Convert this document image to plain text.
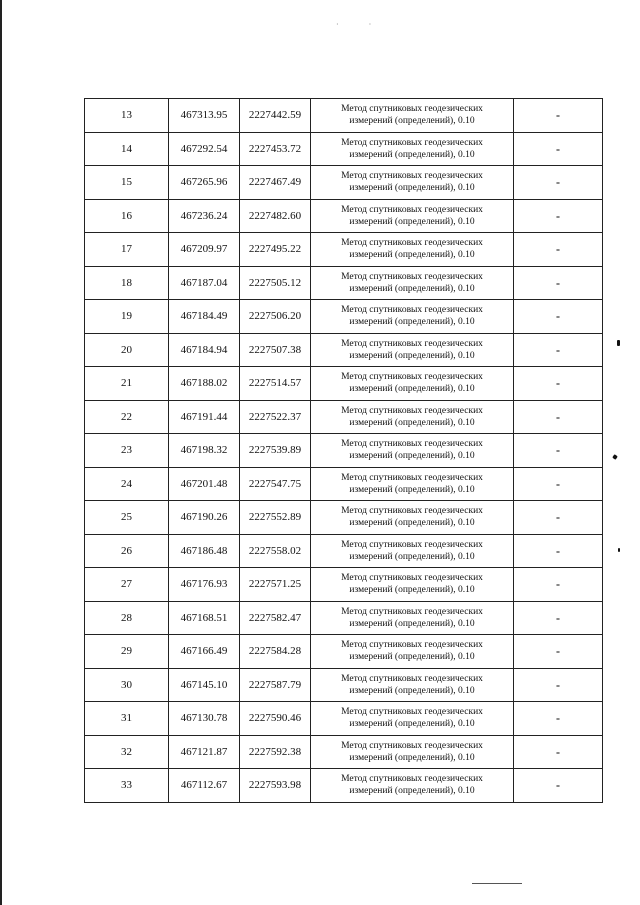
· ·
13	467313.95	2227442.59	Метод спутниковых геодезических
измерений (определений), 0.10	-
14	467292.54	2227453.72	Метод спутниковых геодезических
измерений (определений), 0.10	-
15	467265.96	2227467.49	Метод спутниковых геодезических
измерений (определений), 0.10	-
16	467236.24	2227482.60	Метод спутниковых геодезических
измерений (определений), 0.10	-
17	467209.97	2227495.22	Метод спутниковых геодезических
измерений (определений), 0.10	-
18	467187.04	2227505.12	Метод спутниковых геодезических
измерений (определений), 0.10	-
19	467184.49	2227506.20	Метод спутниковых геодезических
измерений (определений), 0.10	-
20	467184.94	2227507.38	Метод спутниковых геодезических
измерений (определений), 0.10	-
21	467188.02	2227514.57	Метод спутниковых геодезических
измерений (определений), 0.10	-
22	467191.44	2227522.37	Метод спутниковых геодезических
измерений (определений), 0.10	-
23	467198.32	2227539.89	Метод спутниковых геодезических
измерений (определений), 0.10	-
24	467201.48	2227547.75	Метод спутниковых геодезических
измерений (определений), 0.10	-
25	467190.26	2227552.89	Метод спутниковых геодезических
измерений (определений), 0.10	-
26	467186.48	2227558.02	Метод спутниковых геодезических
измерений (определений), 0.10	-
27	467176.93	2227571.25	Метод спутниковых геодезических
измерений (определений), 0.10	-
28	467168.51	2227582.47	Метод спутниковых геодезических
измерений (определений), 0.10	-
29	467166.49	2227584.28	Метод спутниковых геодезических
измерений (определений), 0.10	-
30	467145.10	2227587.79	Метод спутниковых геодезических
измерений (определений), 0.10	-
31	467130.78	2227590.46	Метод спутниковых геодезических
измерений (определений), 0.10	-
32	467121.87	2227592.38	Метод спутниковых геодезических
измерений (определений), 0.10	-
33	467112.67	2227593.98	Метод спутниковых геодезических
измерений (определений), 0.10	-
